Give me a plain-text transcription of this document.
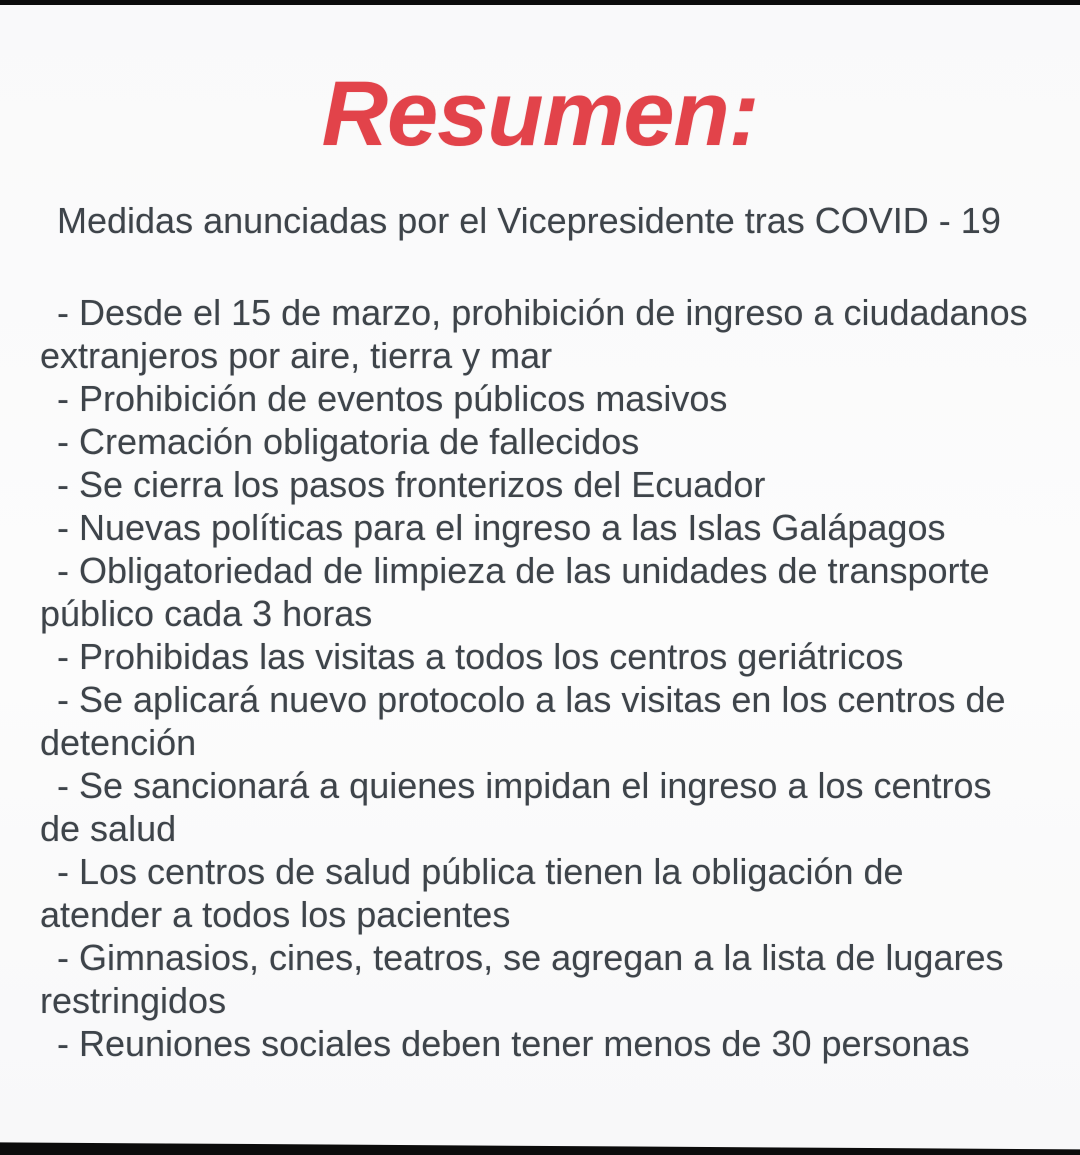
Resumen:

Medidas anunciadas por el Vicepresidente tras COVID - 19

- Desde el 15 de marzo, prohibición de ingreso a ciudadanos extranjeros por aire, tierra y mar

- Prohibición de eventos públicos masivos

- Cremación obligatoria de fallecidos

- Se cierra los pasos fronterizos del Ecuador

- Nuevas políticas para el ingreso a las Islas Galápagos

- Obligatoriedad de limpieza de las unidades de transporte público cada 3 horas

- Prohibidas las visitas a todos los centros geriátricos

- Se aplicará nuevo protocolo a las visitas en los centros de detención

- Se sancionará a quienes impidan el ingreso a los centros de salud

- Los centros de salud pública tienen la obligación de atender a todos los pacientes

- Gimnasios, cines, teatros, se agregan a la lista de lugares restringidos

- Reuniones sociales deben tener menos de 30 personas
